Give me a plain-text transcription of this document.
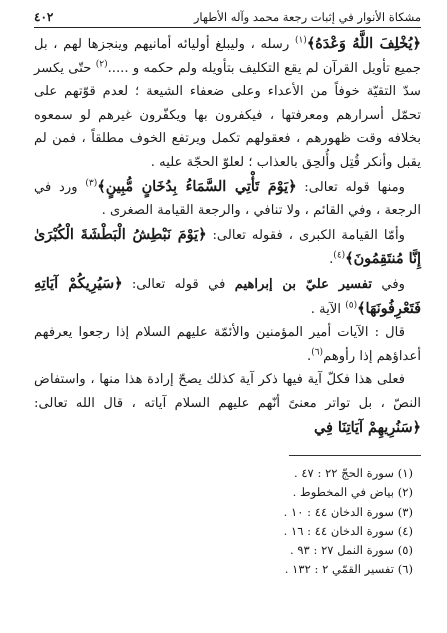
مشكاة الأنوار في إثبات رجعة محمد وآله الأطهار
٤٠٢

﴿يُخْلِفَ اللَّهُ وَعْدَهُ﴾$^{(١)}$ رسله ، وليبلغ أوليائه أمانيهم وينجزها لهم ، بل جميع تأويل القرآن لم يقع التكليف بتأويله ولم حكمه و .....$^{(٢)}$ حتّى يكسر سدّ التقيّة خوفاً من الأعداء وعلى ضعفاء الشيعة ؛ لعدم قوّتهم على تحمّل أسرارهم ومعرفتها ، فيكفرون بها ويكفّرون غيرهم لو سمعوه بخلافه وقت ظهورهم ، فعقولهم تكمل ويرتفع الخوف مطلقاً ، فمن لم يقبل وأنكر قُتِل وأُلحِق بالعذاب ؛ لعلوّ الحجّة عليه .

ومنها قوله تعالى: ﴿يَوْمَ تَأْتِي السَّمَاءُ بِدُخَانٍ مُّبِينٍ﴾$^{(٣)}$ ورد في الرجعة ، وفي القائم ، ولا تنافي ، والرجعة القيامة الصغرى .

وأمّا القيامة الكبرى ، فقوله تعالى: ﴿يَوْمَ نَبْطِشُ الْبَطْشَةَ الْكُبْرَىٰ إِنَّا مُنتَقِمُونَ﴾$^{(٤)}$.

وفي تفسير عليّ بن إبراهيم في قوله تعالى: ﴿سَيُرِيكُمْ آيَاتِهِ فَتَعْرِفُونَهَا﴾$^{(٥)}$ الآية .

قال : الآيات أمير المؤمنين والأئمّة عليهم السلام إذا رجعوا يعرفهم أعداؤهم إذا رأوهم$^{(٦)}$.

فعلى هذا فكلّ آية فيها ذكر آية كذلك يصحّ إرادة هذا منها ، واستفاض النصّ ، بل تواتر معنىً أنّهم عليهم السلام آياته ، قال الله تعالى: ﴿سَنُرِيهِمْ آيَاتِنَا فِي

(١) سورة الحجّ ٢٢ : ٤٧ .
(٢) بياض في المخطوط .
(٣) سورة الدخان ٤٤ : ١٠ .
(٤) سورة الدخان ٤٤ : ١٦ .
(٥) سورة النمل ٢٧ : ٩٣ .
(٦) تفسير القمّي ٢ : ١٣٢ .
